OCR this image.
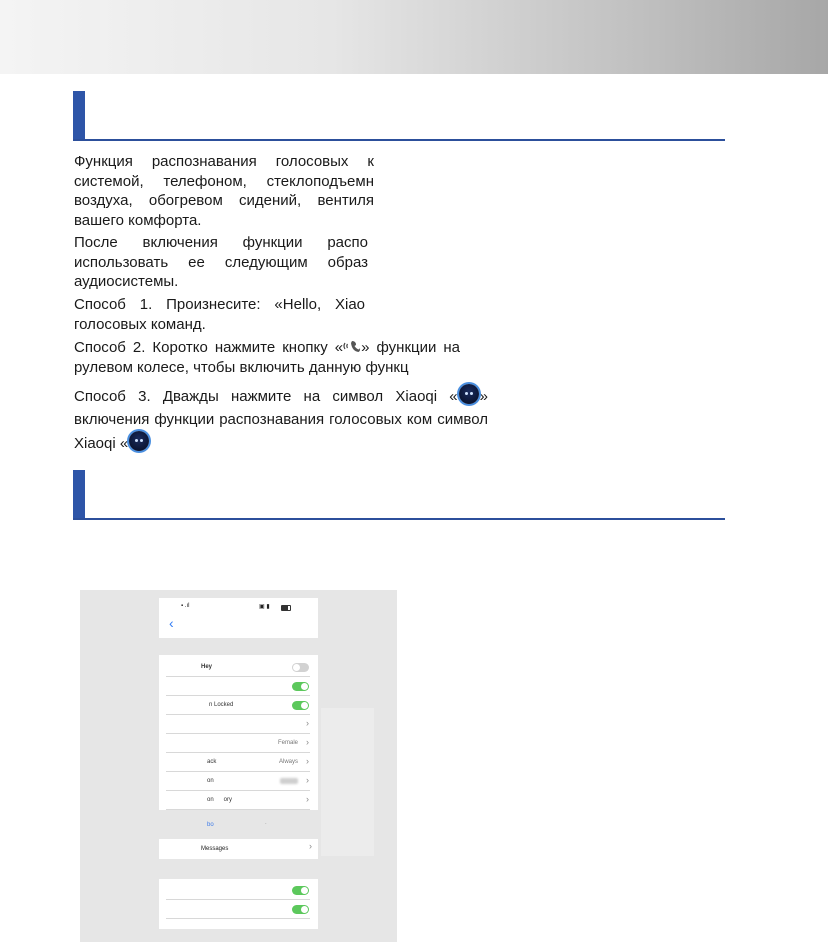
Функция распознавания голосовых к системой, телефоном, стеклоподъемн воздуха, обогревом сидений, вентиля вашего комфорта.

После включения функции распо использовать ее следующим образ аудиосистемы.

Способ 1. Произнесите: «Hello, Xiao голосовых команд.

Способ 2. Коротко нажмите кнопку « » функции на рулевом колесе, чтобы включить данную функц

Способ 3. Дважды нажмите на символ Xiaoqi « » включения функции распознавания голосовых ком символ Xiaoqi «

▪︎ .ıl	▣ ▮
‹
Hey
n Locked
›
Female ›
ack	Always ›
on	›
on      ory	›
bo	.
Messages	›
